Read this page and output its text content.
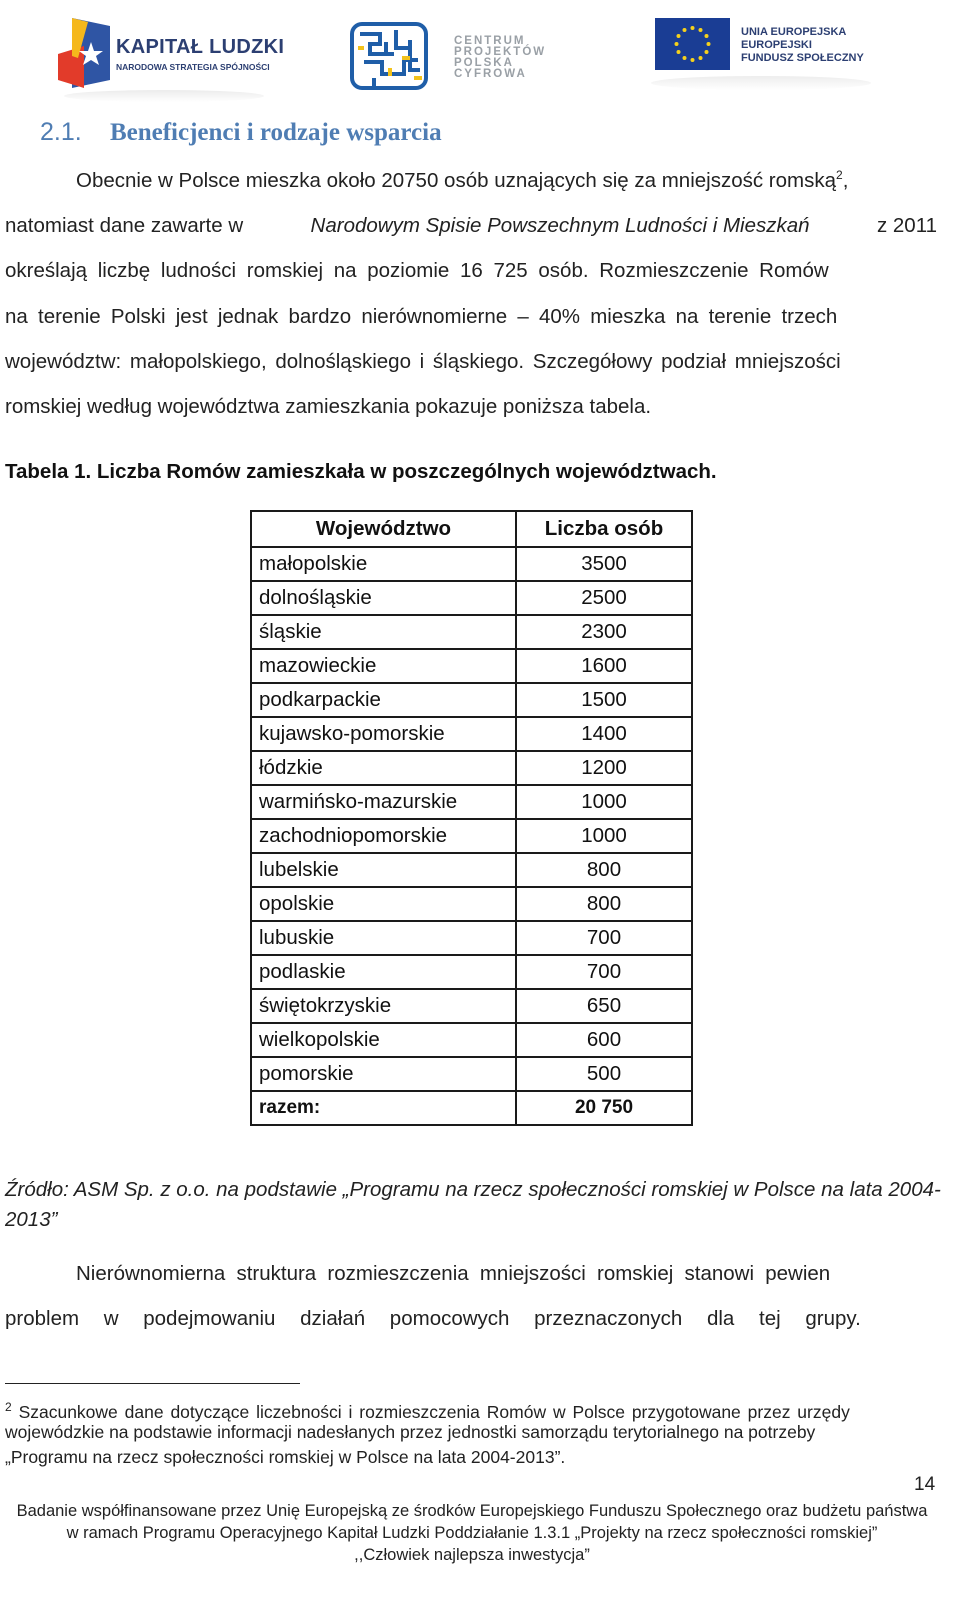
KAPITAŁ LUDZKI
NARODOWA STRATEGIA SPÓJNOŚCI
CENTRUM
PROJEKTÓW
POLSKA
CYFROWA
UNIA EUROPEJSKA
EUROPEJSKI
FUNDUSZ SPOŁECZNY
2.1. Beneficjenci i rodzaje wsparcia
Obecnie w Polsce mieszka około 20750 osób uznających się za mniejszość romską$^2$,
natomiast dane zawarte w	Narodowym Spisie Powszechnym Ludności i Mieszkań	z 2011
określają liczbę ludności romskiej na poziomie 16 725 osób. Rozmieszczenie Romów
na terenie Polski jest jednak bardzo nierównomierne – 40% mieszka na terenie trzech
województw: małopolskiego, dolnośląskiego i śląskiego. Szczegółowy podział mniejszości
romskiej według województwa zamieszkania pokazuje poniższa tabela.
Tabela 1. Liczba Romów zamieszkała w poszczególnych województwach.
Województwo	Liczba osób
małopolskie	3500
dolnośląskie	2500
śląskie	2300
mazowieckie	1600
podkarpackie	1500
kujawsko-pomorskie	1400
łódzkie	1200
warmińsko-mazurskie	1000
zachodniopomorskie	1000
lubelskie	800
opolskie	800
lubuskie	700
podlaskie	700
świętokrzyskie	650
wielkopolskie	600
pomorskie	500
razem:	20 750
Źródło: ASM Sp. z o.o. na podstawie „Programu na rzecz społeczności romskiej w Polsce na lata 2004-
2013”
Nierównomierna struktura rozmieszczenia mniejszości romskiej stanowi pewien
problem w podejmowaniu działań pomocowych przeznaczonych dla tej grupy.
$^2$ Szacunkowe dane dotyczące liczebności i rozmieszczenia Romów w Polsce przygotowane przez urzędy
wojewódzkie na podstawie informacji nadesłanych przez jednostki samorządu terytorialnego na potrzeby
„Programu na rzecz społeczności romskiej w Polsce na lata 2004-2013”.
14
Badanie współfinansowane przez Unię Europejską ze środków Europejskiego Funduszu Społecznego oraz budżetu państwa
w ramach Programu Operacyjnego Kapitał Ludzki Poddziałanie 1.3.1 „Projekty na rzecz społeczności romskiej”
,,Człowiek najlepsza inwestycja”
